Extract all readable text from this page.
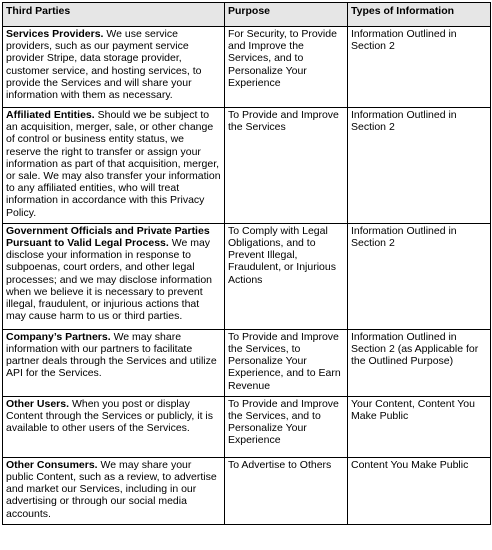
Third Parties	Purpose	Types of Information
Services Providers. We use service providers, such as our payment service provider Stripe, data storage provider, customer service, and hosting services, to provide the Services and will share your information with them as necessary.	For Security, to Provide and Improve the Services, and to Personalize Your Experience	Information Outlined in Section 2
Affiliated Entities. Should we be subject to an acquisition, merger, sale, or other change of control or business entity status, we reserve the right to transfer or assign your information as part of that acquisition, merger, or sale. We may also transfer your information to any affiliated entities, who will treat information in accordance with this Privacy Policy.	To Provide and Improve the Services	Information Outlined in Section 2
Government Officials and Private Parties Pursuant to Valid Legal Process. We may disclose your information in response to subpoenas, court orders, and other legal processes; and we may disclose information when we believe it is necessary to prevent illegal, fraudulent, or injurious actions that may cause harm to us or third parties.	To Comply with Legal Obligations, and to Prevent Illegal, Fraudulent, or Injurious Actions	Information Outlined in Section 2
Company’s Partners. We may share information with our partners to facilitate partner deals through the Services and utilize API for the Services.	To Provide and Improve the Services, to Personalize Your Experience, and to Earn Revenue	Information Outlined in Section 2 (as Applicable for the Outlined Purpose)
Other Users. When you post or display Content through the Services or publicly, it is available to other users of the Services.	To Provide and Improve the Services, and to Personalize Your Experience	Your Content, Content You Make Public
Other Consumers. We may share your public Content, such as a review, to advertise and market our Services, including in our advertising or through our social media accounts.	To Advertise to Others	Content You Make Public
